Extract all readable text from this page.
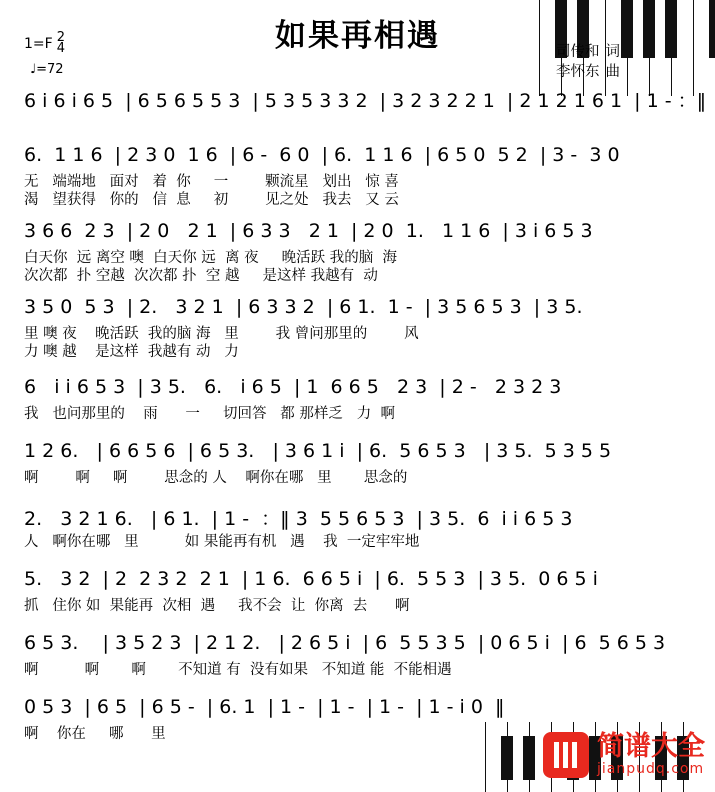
如果再相遇	司传和 词
李怀东 曲
1=F 2
4
♩=72
6 i 6 i 6 5  | 6 5 6 5 5 3  | 5 3 5 3 3 2  | 3 2 3 2 2 1  | 2 1 2 1 6 1  | 1 - ：‖
6.  1 1 6  | 2 3 0  1 6  | 6 -  6 0  | 6.  1 1 6  | 6 5 0  5 2  | 3 -  3 0
无   端端地   面对   着  你     一        颗流星   划出   惊 喜
渴   望获得   你的   信  息     初        见之处   我去   又 云
3 6 6  2 3  | 2 0   2 1  | 6 3 3   2 1  | 2 0  1.   1 1 6  | 3 i 6 5 3
白天你  远 离空 噢  白天你 远  离 夜     晚活跃 我的脑  海
次次都  扑 空越  次次都 扑  空 越     是这样 我越有  动
3 5 0  5 3  | 2.   3 2 1  | 6 3 3 2  | 6 1.  1 -  | 3 5 6 5 3  | 3 5.
里 噢 夜    晚活跃  我的脑 海   里        我 曾问那里的        风
力 噢 越    是这样  我越有 动   力
6   i i 6 5 3  | 3 5.   6.   i 6 5  | 1  6 6 5   2 3  | 2 -   2 3 2 3
我   也问那里的    雨      一     切回答   都 那样乏   力  啊
1 2 6.   | 6 6 5 6  | 6 5 3.   | 3 6 1 i  | 6.  5 6 5 3   | 3 5.  5 3 5 5
啊        啊     啊        思念的 人    啊你在哪   里       思念的
2.   3 2 1 6.   | 6 1.  | 1 -  ：‖ 3  5 5 6 5 3  | 3 5.  6  i i 6 5 3
人   啊你在哪   里          如 果能再有机   遇    我  一定牢牢地
5.   3 2  | 2  2 3 2  2 1  | 1 6.  6 6 5 i  | 6.  5 5 3  | 3 5.  0 6 5 i
抓   住你 如  果能再  次相  遇     我不会  让  你离  去      啊
6 5 3.    | 3 5 2 3  | 2 1 2.   | 2 6 5 i  | 6  5 5 3 5  | 0 6 5 i  | 6  5 6 5 3
啊          啊       啊       不知道 有  没有如果   不知道 能  不能相遇
0 5 3  | 6 5  | 6 5 -  | 6. 1  | 1 -  | 1 -  | 1 -  | 1 - i 0  ‖
啊    你在     哪      里	简谱大全
jianpudq.com
